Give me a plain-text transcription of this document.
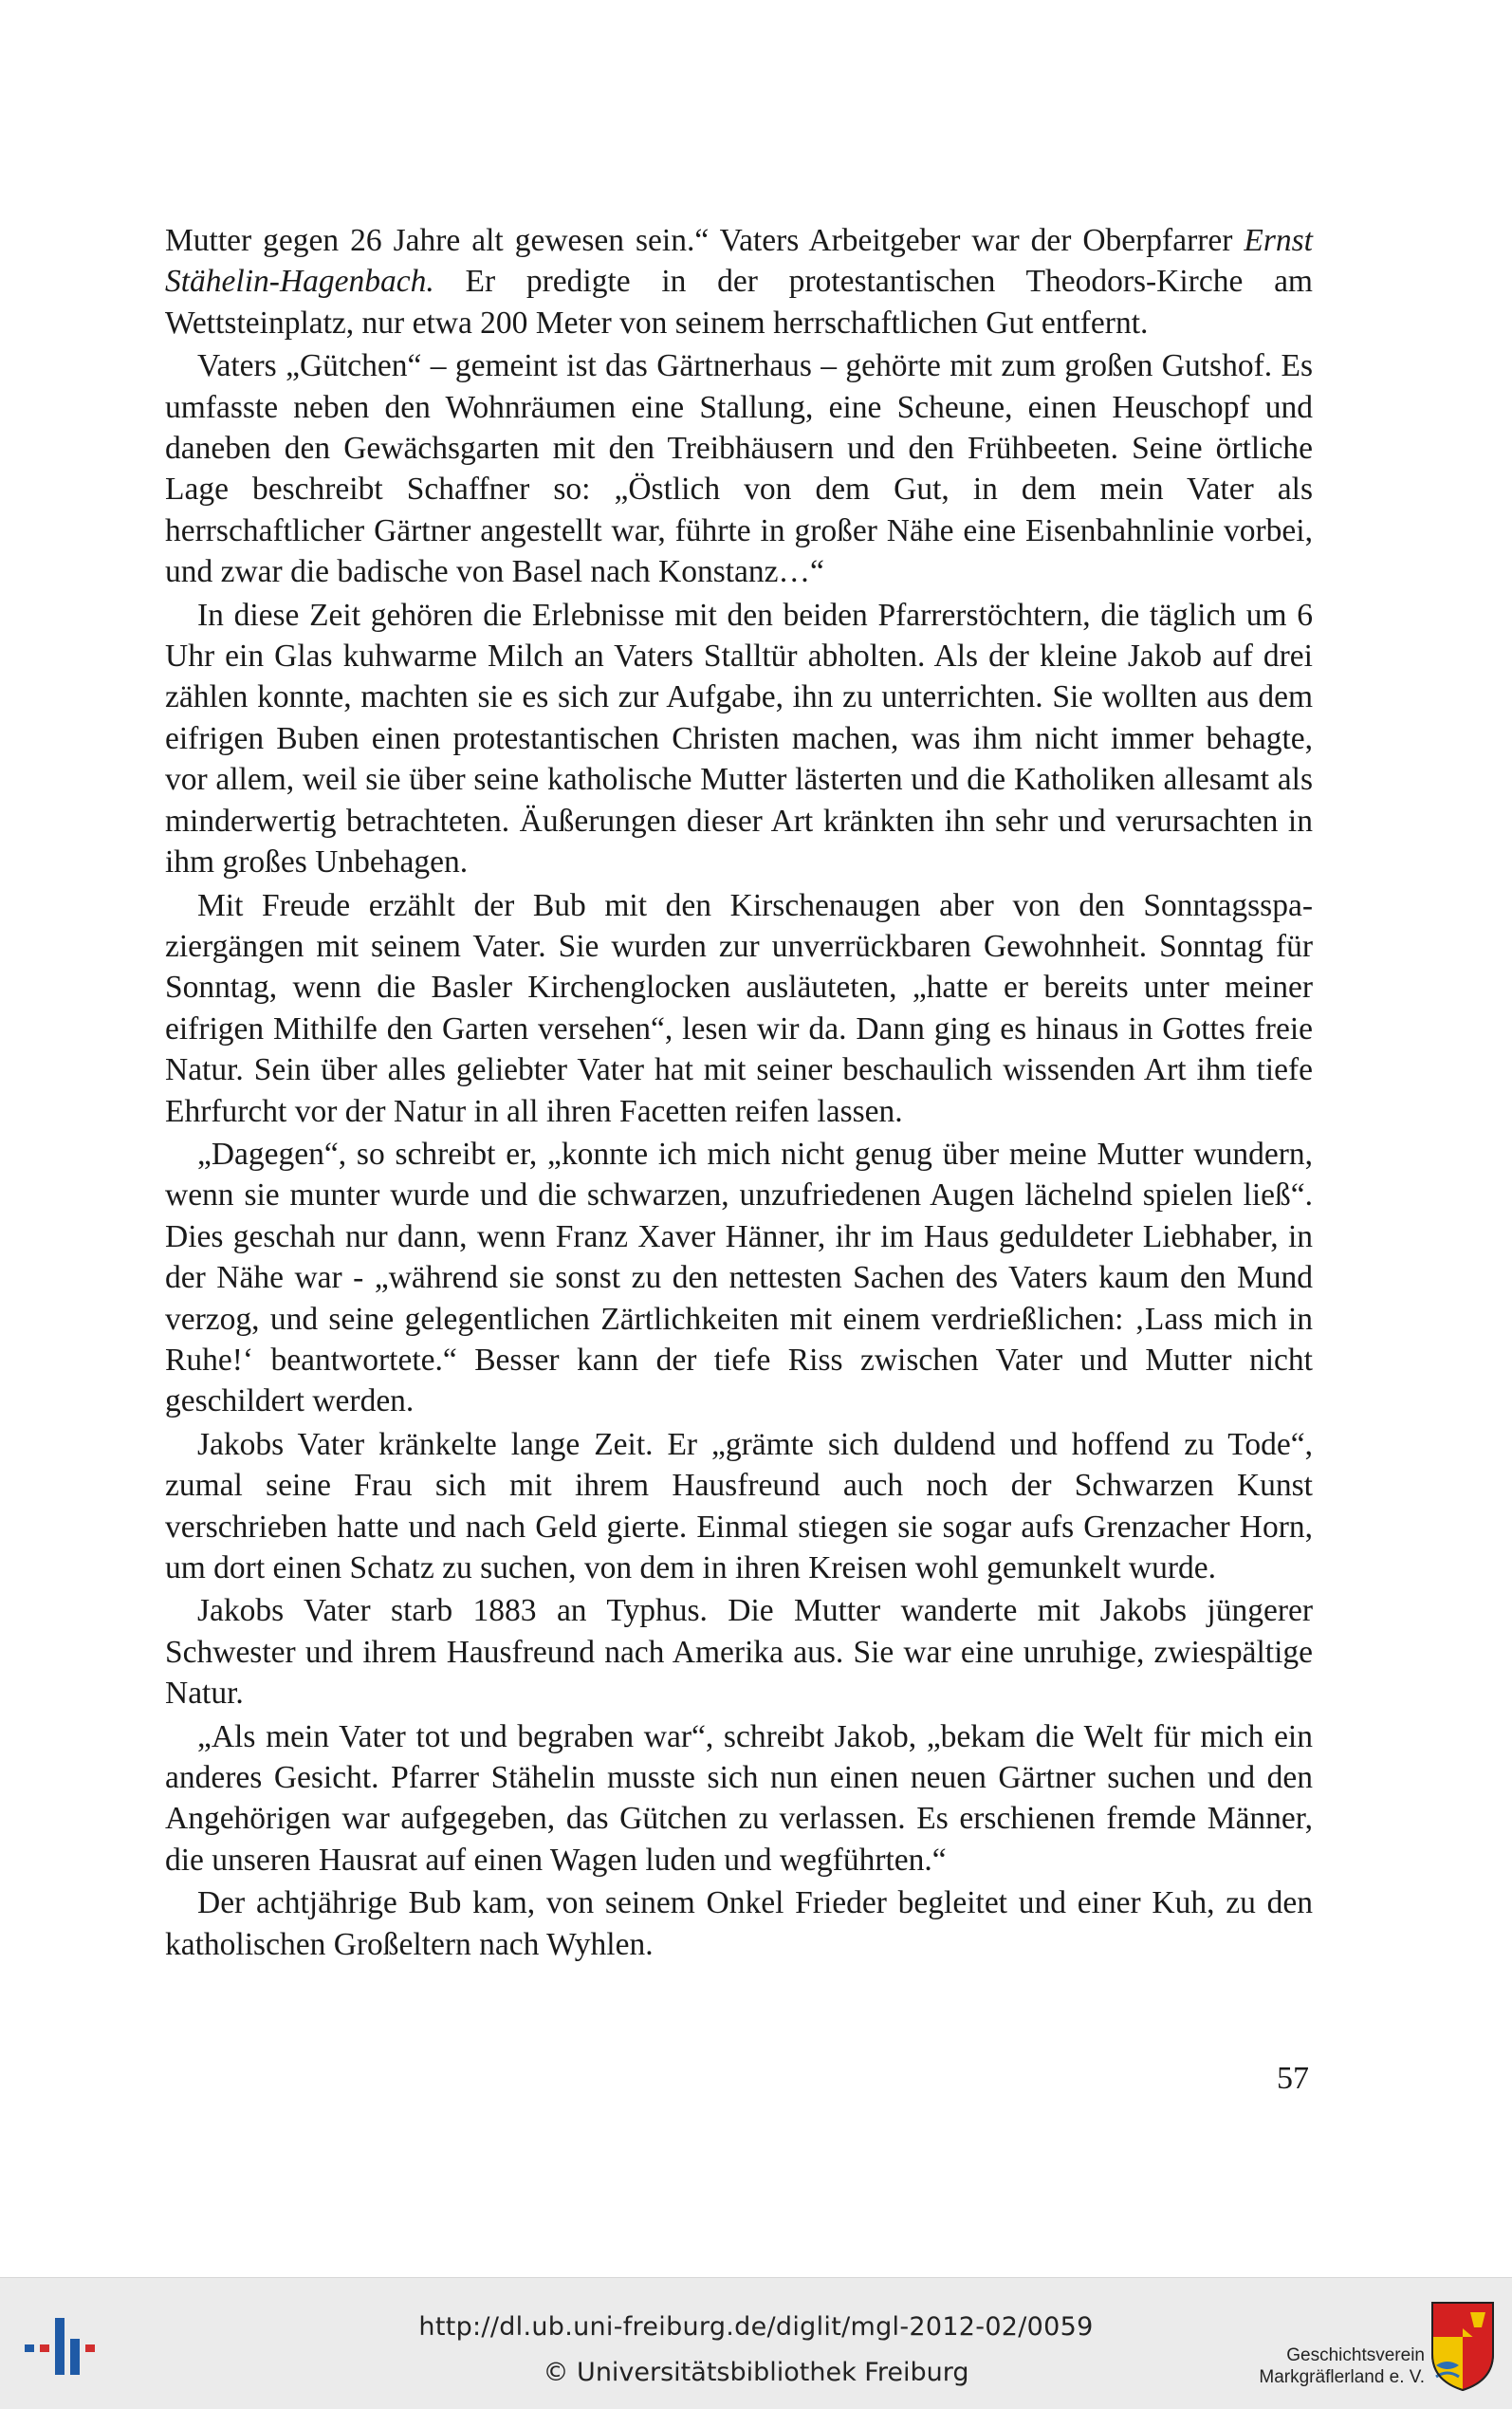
Mutter gegen 26 Jahre alt gewesen sein.“ Vaters Arbeitgeber war der Oberpfarrer Ernst Stähelin-Hagenbach. Er predigte in der protestantischen Theodors-Kirche am Wettsteinplatz, nur etwa 200 Meter von seinem herrschaftlichen Gut entfernt.

Vaters „Gütchen“ – gemeint ist das Gärtnerhaus – gehörte mit zum großen Gutshof. Es umfasste neben den Wohnräumen eine Stallung, eine Scheune, einen Heuschopf und daneben den Gewächsgarten mit den Treibhäusern und den Frühbeeten. Seine örtliche Lage beschreibt Schaffner so: „Östlich von dem Gut, in dem mein Vater als herrschaftlicher Gärtner angestellt war, führte in großer Nähe eine Eisenbahnlinie vorbei, und zwar die badische von Basel nach Konstanz…“

In diese Zeit gehören die Erlebnisse mit den beiden Pfarrerstöchtern, die täglich um 6 Uhr ein Glas kuhwarme Milch an Vaters Stalltür abholten. Als der kleine Jakob auf drei zählen konnte, machten sie es sich zur Aufgabe, ihn zu unterrichten. Sie wollten aus dem eifrigen Buben einen protestantischen Christen machen, was ihm nicht immer behagte, vor allem, weil sie über seine katholische Mutter lästerten und die Katholiken allesamt als minderwertig betrachteten. Äußerungen dieser Art kränkten ihn sehr und verursachten in ihm großes Unbehagen.

Mit Freude erzählt der Bub mit den Kirschenaugen aber von den Sonntagsspaziergängen mit seinem Vater. Sie wurden zur unverrückbaren Gewohnheit. Sonntag für Sonntag, wenn die Basler Kirchenglocken ausläuteten, „hatte er bereits unter meiner eifrigen Mithilfe den Garten versehen“, lesen wir da. Dann ging es hinaus in Gottes freie Natur. Sein über alles geliebter Vater hat mit seiner beschaulich wissenden Art ihm tiefe Ehrfurcht vor der Natur in all ihren Facetten reifen lassen.

„Dagegen“, so schreibt er, „konnte ich mich nicht genug über meine Mutter wundern, wenn sie munter wurde und die schwarzen, unzufriedenen Augen lächelnd spielen ließ“. Dies geschah nur dann, wenn Franz Xaver Hänner, ihr im Haus geduldeter Liebhaber, in der Nähe war - „während sie sonst zu den nettesten Sachen des Vaters kaum den Mund verzog, und seine gelegentlichen Zärtlichkeiten mit einem verdrießlichen: ‚Lass mich in Ruhe!‘ beantwortete.“ Besser kann der tiefe Riss zwischen Vater und Mutter nicht geschildert werden.

Jakobs Vater kränkelte lange Zeit. Er „grämte sich duldend und hoffend zu Tode“, zumal seine Frau sich mit ihrem Hausfreund auch noch der Schwarzen Kunst verschrieben hatte und nach Geld gierte. Einmal stiegen sie sogar aufs Grenzacher Horn, um dort einen Schatz zu suchen, von dem in ihren Kreisen wohl gemunkelt wurde.

Jakobs Vater starb 1883 an Typhus. Die Mutter wanderte mit Jakobs jüngerer Schwester und ihrem Hausfreund nach Amerika aus. Sie war eine unruhige, zwiespältige Natur.

„Als mein Vater tot und begraben war“, schreibt Jakob, „bekam die Welt für mich ein anderes Gesicht. Pfarrer Stähelin musste sich nun einen neuen Gärtner suchen und den Angehörigen war aufgegeben, das Gütchen zu verlassen. Es erschienen fremde Männer, die unseren Hausrat auf einen Wagen luden und wegführten.“

Der achtjährige Bub kam, von seinem Onkel Frieder begleitet und einer Kuh, zu den katholischen Großeltern nach Wyhlen.

57
http://dl.ub.uni-freiburg.de/diglit/mgl-2012-02/0059
© Universitätsbibliothek Freiburg
Geschichtsverein
Markgräflerland e. V.
